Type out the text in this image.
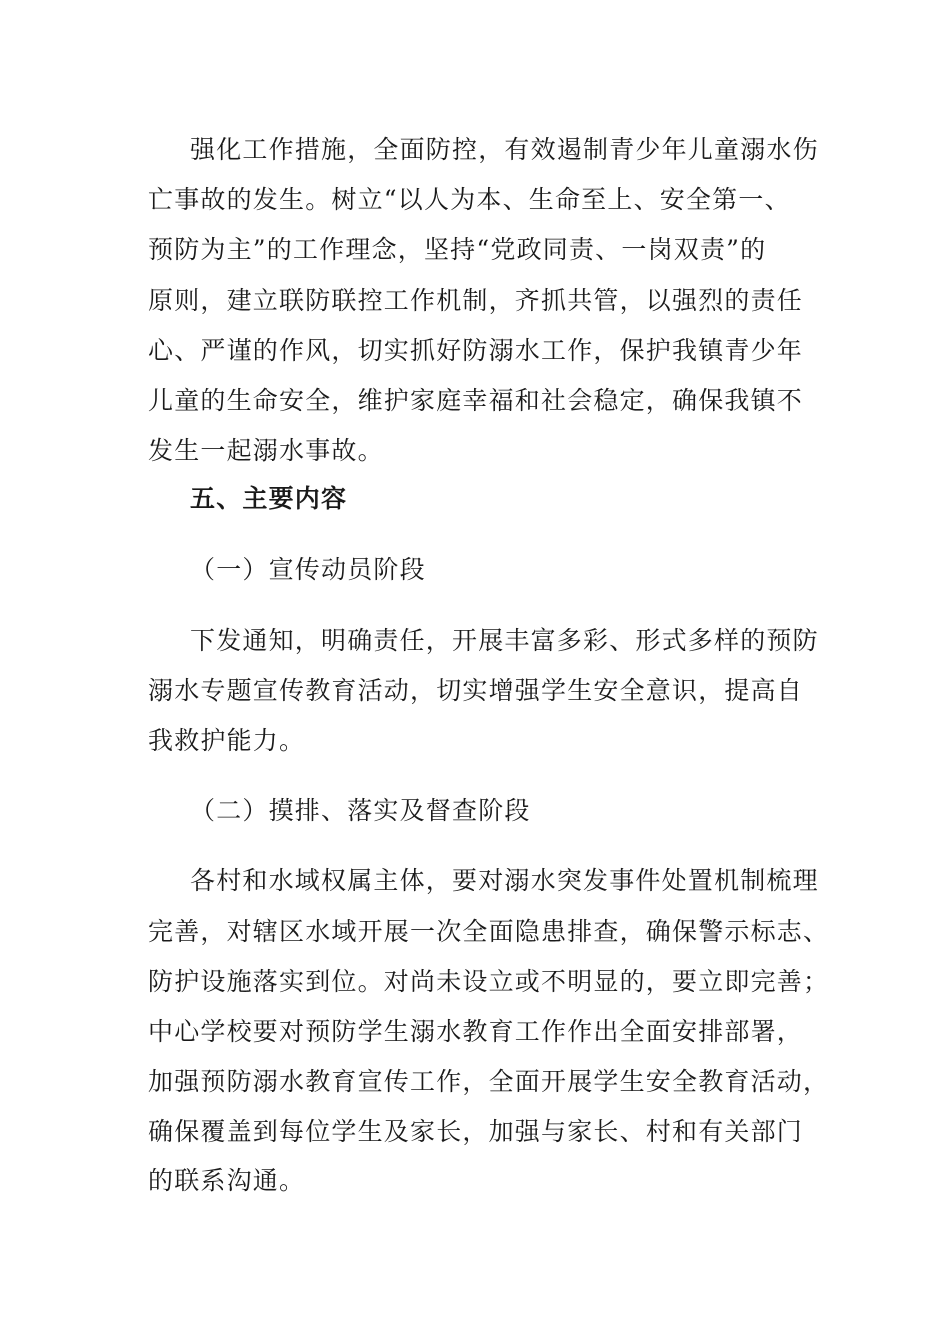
强化工作措施，全面防控，有效遏制青少年儿童溺水伤
亡事故的发生。树立“以人为本、生命至上、安全第一、
预防为主”的工作理念，坚持“党政同责、一岗双责”的
原则，建立联防联控工作机制，齐抓共管，以强烈的责任
心、严谨的作风，切实抓好防溺水工作，保护我镇青少年
儿童的生命安全，维护家庭幸福和社会稳定，确保我镇不
发生一起溺水事故。
五、主要内容
（一）宣传动员阶段
下发通知，明确责任，开展丰富多彩、形式多样的预防
溺水专题宣传教育活动，切实增强学生安全意识，提高自
我救护能力。
（二）摸排、落实及督查阶段
各村和水域权属主体，要对溺水突发事件处置机制梳理
完善，对辖区水域开展一次全面隐患排查，确保警示标志、
防护设施落实到位。对尚未设立或不明显的，要立即完善；
中心学校要对预防学生溺水教育工作作出全面安排部署，
加强预防溺水教育宣传工作，全面开展学生安全教育活动，
确保覆盖到每位学生及家长，加强与家长、村和有关部门
的联系沟通。
